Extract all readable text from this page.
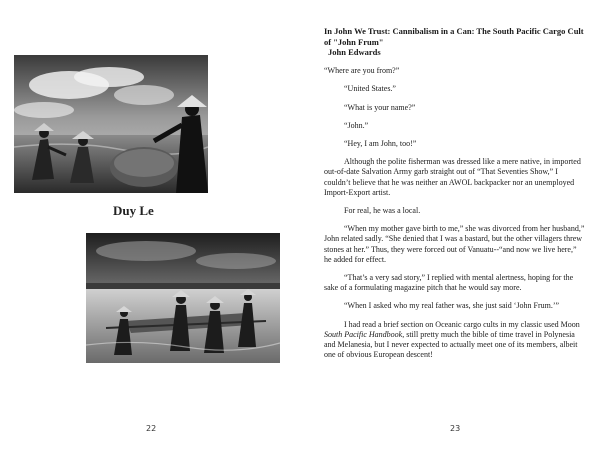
Duy Le
22

In John We Trust: Cannibalism in a Can: The South Pacific Cargo Cult of "John Frum"

John Edwards

“Where are you from?”

“United States.”

“What is your name?”

“John.”

“Hey, I am John, too!”

Although the polite fisherman was dressed like a mere native, in imported out-of-date Salvation Army garb straight out of “That Seventies Show,” I couldn’t believe that he was neither an AWOL backpacker nor an unemployed Import-Export artist.

For real, he was a local.

“When my mother gave birth to me,” she was divorced from her husband,” John related sadly. “She denied that I was a bastard, but the other villagers threw stones at her.” Thus, they were forced out of Vanuatu--“and now we live here,” he added for effect.

“That’s a very sad story,” I replied with mental alertness, hoping for the sake of a formulating magazine pitch that he would say more.

“When I asked who my real father was, she just said ‘John Frum.’”

I had read a brief section on Oceanic cargo cults in my classic used Moon South Pacific Handbook, still pretty much the bible of time travel in Polynesia and Melanesia, but I never expected to actually meet one of its members, albeit one of obvious European descent!

23
